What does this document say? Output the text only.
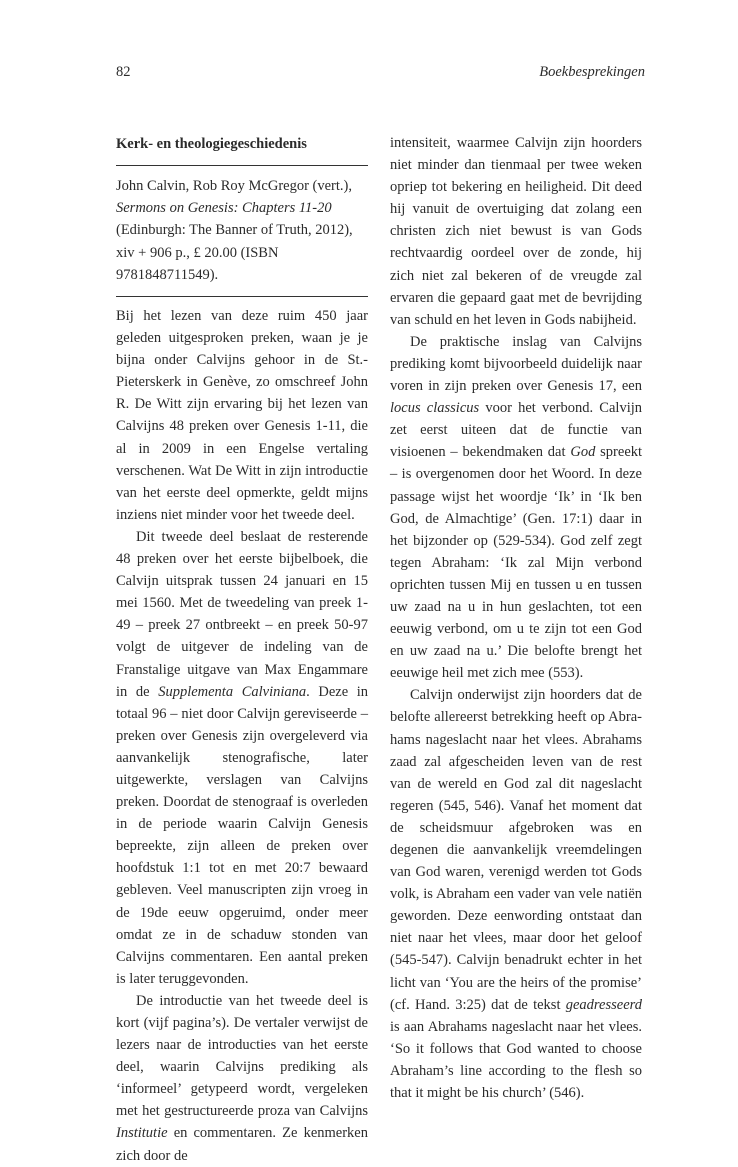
82	Boekbesprekingen
Kerk- en theologiegeschiedenis
John Calvin, Rob Roy McGregor (vert.),
Sermons on Genesis: Chapters 11-20
(Edinburgh: The Banner of Truth, 2012), xiv + 906 p., £ 20.00 (ISBN 9781848711549).

Bij het lezen van deze ruim 450 jaar geleden uitgesproken preken, waan je je bijna onder Calvijns gehoor in de St.-Pieterskerk in Genève, zo omschreef John R. De Witt zijn ervaring bij het lezen van Calvijns 48 preken over Genesis 1-11, die al in 2009 in een Engelse vertaling verschenen. Wat De Witt in zijn introductie van het eerste deel opmerkte, geldt mijns inziens niet minder voor het tweede deel.

Dit tweede deel beslaat de resterende 48 preken over het eerste bijbelboek, die Calvijn uitsprak tussen 24 januari en 15 mei 1560. Met de tweedeling van preek 1-49 – preek 27 ontbreekt – en preek 50-97 volgt de uitgever de indeling van de Franstalige uitgave van Max Engammare in de Supplementa Calviniana. Deze in totaal 96 – niet door Calvijn gereviseerde – preken over Genesis zijn overgeleverd via aanvankelijk stenografische, later uitgewerkte, verslagen van Calvijns preken. Doordat de stenograaf is overleden in de periode waarin Calvijn Genesis bepreekte, zijn alleen de preken over hoofdstuk 1:1 tot en met 20:7 bewaard gebleven. Veel manuscripten zijn vroeg in de 19de eeuw opgeruimd, onder meer omdat ze in de schaduw stonden van Calvijns commentaren. Een aantal preken is later teruggevonden.

De introductie van het tweede deel is kort (vijf pagina’s). De vertaler verwijst de lezers naar de introducties van het eerste deel, waarin Calvijns prediking als ‘informeel’ getypeerd wordt, vergeleken met het gestructureerde proza van Calvijns Institutie en commentaren. Ze kenmerken zich door de

intensiteit, waarmee Calvijn zijn hoorders niet minder dan tienmaal per twee weken opriep tot bekering en heiligheid. Dit deed hij vanuit de overtuiging dat zolang een christen zich niet bewust is van Gods rechtvaardig oordeel over de zonde, hij zich niet zal bekeren of de vreugde zal ervaren die gepaard gaat met de bevrijding van schuld en het leven in Gods nabijheid.

De praktische inslag van Calvijns prediking komt bijvoorbeeld duidelijk naar voren in zijn preken over Genesis 17, een locus classicus voor het verbond. Calvijn zet eerst uiteen dat de functie van visioenen – bekendmaken dat God spreekt – is overgenomen door het Woord. In deze passage wijst het woordje ‘Ik’ in ‘Ik ben God, de Almachtige’ (Gen. 17:1) daar in het bijzonder op (529-534). God zelf zegt tegen Abraham: ‘Ik zal Mijn verbond oprichten tussen Mij en tussen u en tussen uw zaad na u in hun geslachten, tot een eeuwig verbond, om u te zijn tot een God en uw zaad na u.’ Die belofte brengt het eeuwige heil met zich mee (553).

Calvijn onderwijst zijn hoorders dat de belofte allereerst betrekking heeft op Abrahams nageslacht naar het vlees. Abrahams zaad zal afgescheiden leven van de rest van de wereld en God zal dit nageslacht regeren (545, 546). Vanaf het moment dat de scheidsmuur afgebroken was en degenen die aanvankelijk vreemdelingen van God waren, verenigd werden tot Gods volk, is Abraham een vader van vele natiën geworden. Deze eenwording ontstaat dan niet naar het vlees, maar door het geloof (545-547). Calvijn benadrukt echter in het licht van ‘You are the heirs of the promise’ (cf. Hand. 3:25) dat de tekst geadresseerd is aan Abrahams nageslacht naar het vlees. ‘So it follows that God wanted to choose Abraham’s line according to the flesh so that it might be his church’ (546).
